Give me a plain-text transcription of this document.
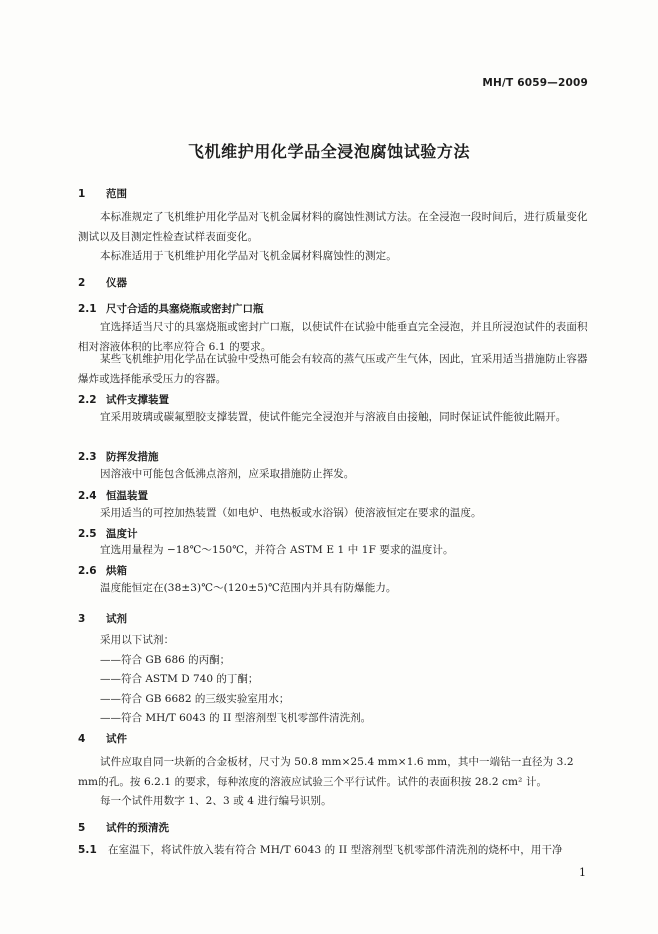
MH/T 6059—2009
飞机维护用化学品全浸泡腐蚀试验方法
1 范围
本标准规定了飞机维护用化学品对飞机金属材料的腐蚀性测试方法。在全浸泡一段时间后，进行质量变化测试以及目测定性检查试样表面变化。
本标准适用于飞机维护用化学品对飞机金属材料腐蚀性的测定。
2 仪器
2.1 尺寸合适的具塞烧瓶或密封广口瓶
宜选择适当尺寸的具塞烧瓶或密封广口瓶，以使试件在试验中能垂直完全浸泡，并且所浸泡试件的表面积相对溶液体积的比率应符合 6.1 的要求。
某些飞机维护用化学品在试验中受热可能会有较高的蒸气压或产生气体，因此，宜采用适当措施防止容器爆炸或选择能承受压力的容器。
2.2 试件支撑装置
宜采用玻璃或碳氟塑胶支撑装置，使试件能完全浸泡并与溶液自由接触，同时保证试件能彼此隔开。
2.3 防挥发措施
因溶液中可能包含低沸点溶剂，应采取措施防止挥发。
2.4 恒温装置
采用适当的可控加热装置（如电炉、电热板或水浴锅）使溶液恒定在要求的温度。
2.5 温度计
宜选用量程为 −18℃～150℃，并符合 ASTM E 1 中 1F 要求的温度计。
2.6 烘箱
温度能恒定在(38±3)℃～(120±5)℃范围内并具有防爆能力。
3 试剂
采用以下试剂：
——符合 GB 686 的丙酮；
——符合 ASTM D 740 的丁酮；
——符合 GB 6682 的三级实验室用水；
——符合 MH/T 6043 的 II 型溶剂型飞机零部件清洗剂。
4 试件
试件应取自同一块新的合金板材，尺寸为 50.8 mm×25.4 mm×1.6 mm，其中一端钻一直径为 3.2 mm的孔。按 6.2.1 的要求，每种浓度的溶液应试验三个平行试件。试件的表面积按 28.2 cm² 计。
每一个试件用数字 1、2、3 或 4 进行编号识别。
5 试件的预清洗
5.1 在室温下，将试件放入装有符合 MH/T 6043 的 II 型溶剂型飞机零部件清洗剂的烧杯中，用干净
1
